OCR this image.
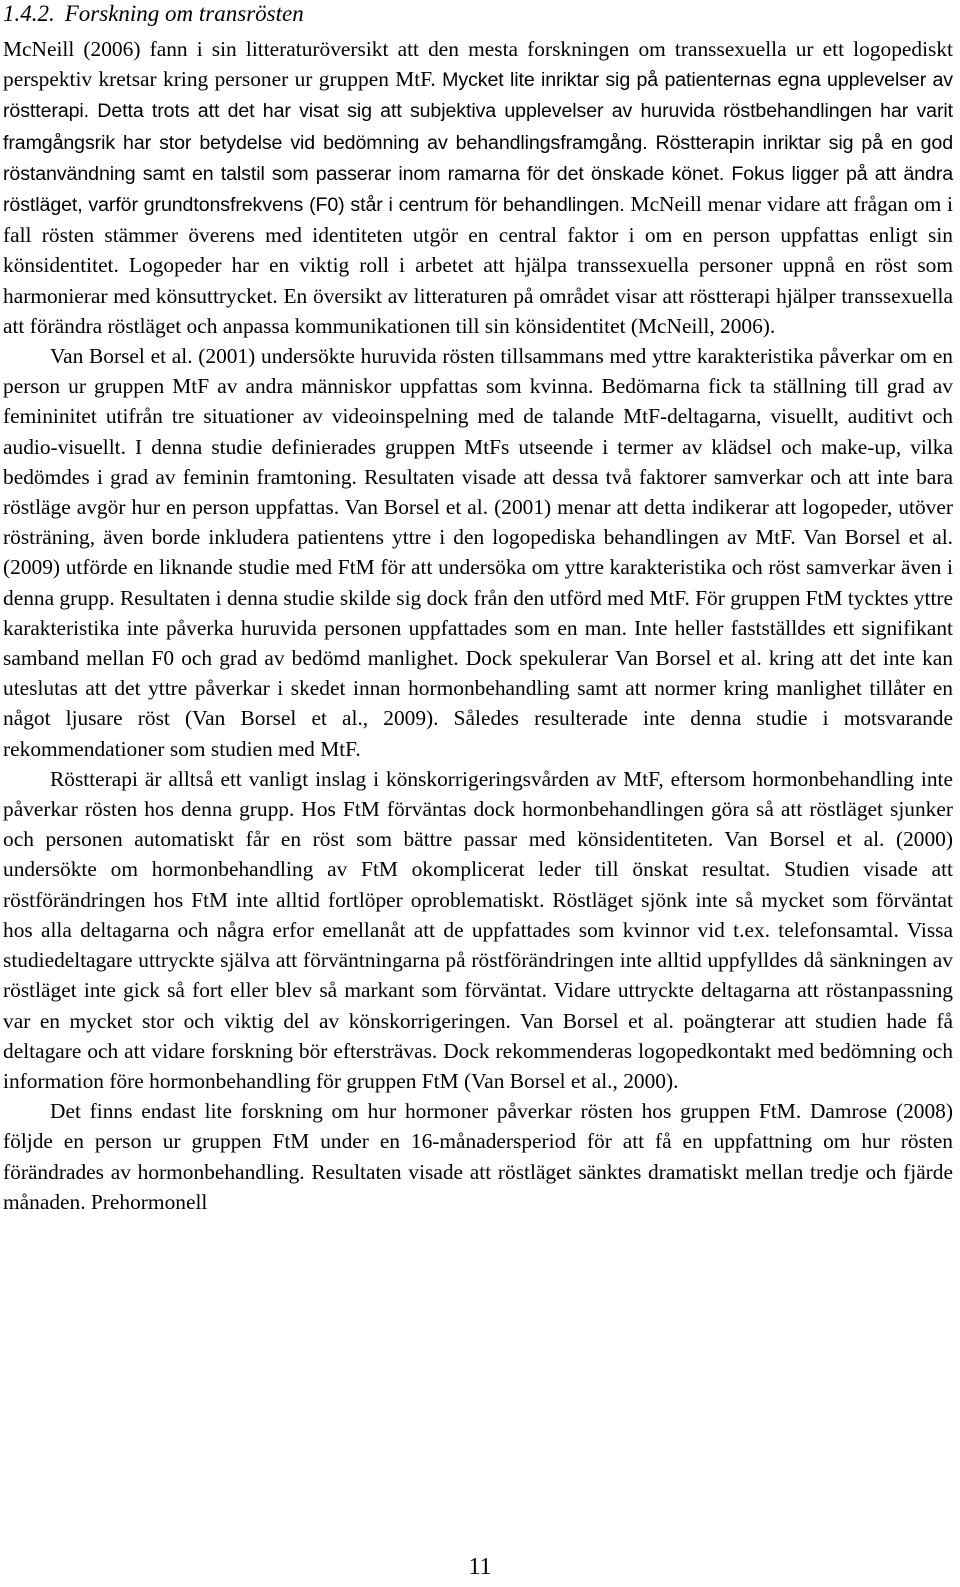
1.4.2. Forskning om transrösten

McNeill (2006) fann i sin litteraturöversikt att den mesta forskningen om transsexuella ur ett logopediskt perspektiv kretsar kring personer ur gruppen MtF. Mycket lite inriktar sig på patienternas egna upplevelser av röstterapi. Detta trots att det har visat sig att subjektiva upplevelser av huruvida röstbehandlingen har varit framgångsrik har stor betydelse vid bedömning av behandlingsframgång. Röstterapin inriktar sig på en god röstanvändning samt en talstil som passerar inom ramarna för det önskade könet. Fokus ligger på att ändra röstläget, varför grundtonsfrekvens (F0) står i centrum för behandlingen. McNeill menar vidare att frågan om i fall rösten stämmer överens med identiteten utgör en central faktor i om en person uppfattas enligt sin könsidentitet. Logopeder har en viktig roll i arbetet att hjälpa transsexuella personer uppnå en röst som harmonierar med könsuttrycket. En översikt av litteraturen på området visar att röstterapi hjälper transsexuella att förändra röstläget och anpassa kommunikationen till sin könsidentitet (McNeill, 2006).

Van Borsel et al. (2001) undersökte huruvida rösten tillsammans med yttre karakteristika påverkar om en person ur gruppen MtF av andra människor uppfattas som kvinna. Bedömarna fick ta ställning till grad av femininitet utifrån tre situationer av videoinspelning med de talande MtF-deltagarna, visuellt, auditivt och audio-visuellt. I denna studie definierades gruppen MtFs utseende i termer av klädsel och make-up, vilka bedömdes i grad av feminin framtoning. Resultaten visade att dessa två faktorer samverkar och att inte bara röstläge avgör hur en person uppfattas. Van Borsel et al. (2001) menar att detta indikerar att logopeder, utöver rösträning, även borde inkludera patientens yttre i den logopediska behandlingen av MtF. Van Borsel et al. (2009) utförde en liknande studie med FtM för att undersöka om yttre karakteristika och röst samverkar även i denna grupp. Resultaten i denna studie skilde sig dock från den utförd med MtF. För gruppen FtM tycktes yttre karakteristika inte påverka huruvida personen uppfattades som en man. Inte heller fastställdes ett signifikant samband mellan F0 och grad av bedömd manlighet. Dock spekulerar Van Borsel et al. kring att det inte kan uteslutas att det yttre påverkar i skedet innan hormonbehandling samt att normer kring manlighet tillåter en något ljusare röst (Van Borsel et al., 2009). Således resulterade inte denna studie i motsvarande rekommendationer som studien med MtF.

Röstterapi är alltså ett vanligt inslag i könskorrigeringsvården av MtF, eftersom hormonbehandling inte påverkar rösten hos denna grupp. Hos FtM förväntas dock hormonbehandlingen göra så att röstläget sjunker och personen automatiskt får en röst som bättre passar med könsidentiteten. Van Borsel et al. (2000) undersökte om hormonbehandling av FtM okomplicerat leder till önskat resultat. Studien visade att röstförändringen hos FtM inte alltid fortlöper oproblematiskt. Röstläget sjönk inte så mycket som förväntat hos alla deltagarna och några erfor emellanåt att de uppfattades som kvinnor vid t.ex. telefonsamtal. Vissa studiedeltagare uttryckte själva att förväntningarna på röstförändringen inte alltid uppfylldes då sänkningen av röstläget inte gick så fort eller blev så markant som förväntat. Vidare uttryckte deltagarna att röstanpassning var en mycket stor och viktig del av könskorrigeringen. Van Borsel et al. poängterar att studien hade få deltagare och att vidare forskning bör eftersträvas. Dock rekommenderas logopedkontakt med bedömning och information före hormonbehandling för gruppen FtM (Van Borsel et al., 2000).

Det finns endast lite forskning om hur hormoner påverkar rösten hos gruppen FtM. Damrose (2008) följde en person ur gruppen FtM under en 16-månadersperiod för att få en uppfattning om hur rösten förändrades av hormonbehandling. Resultaten visade att röstläget sänktes dramatiskt mellan tredje och fjärde månaden. Prehormonell

11
